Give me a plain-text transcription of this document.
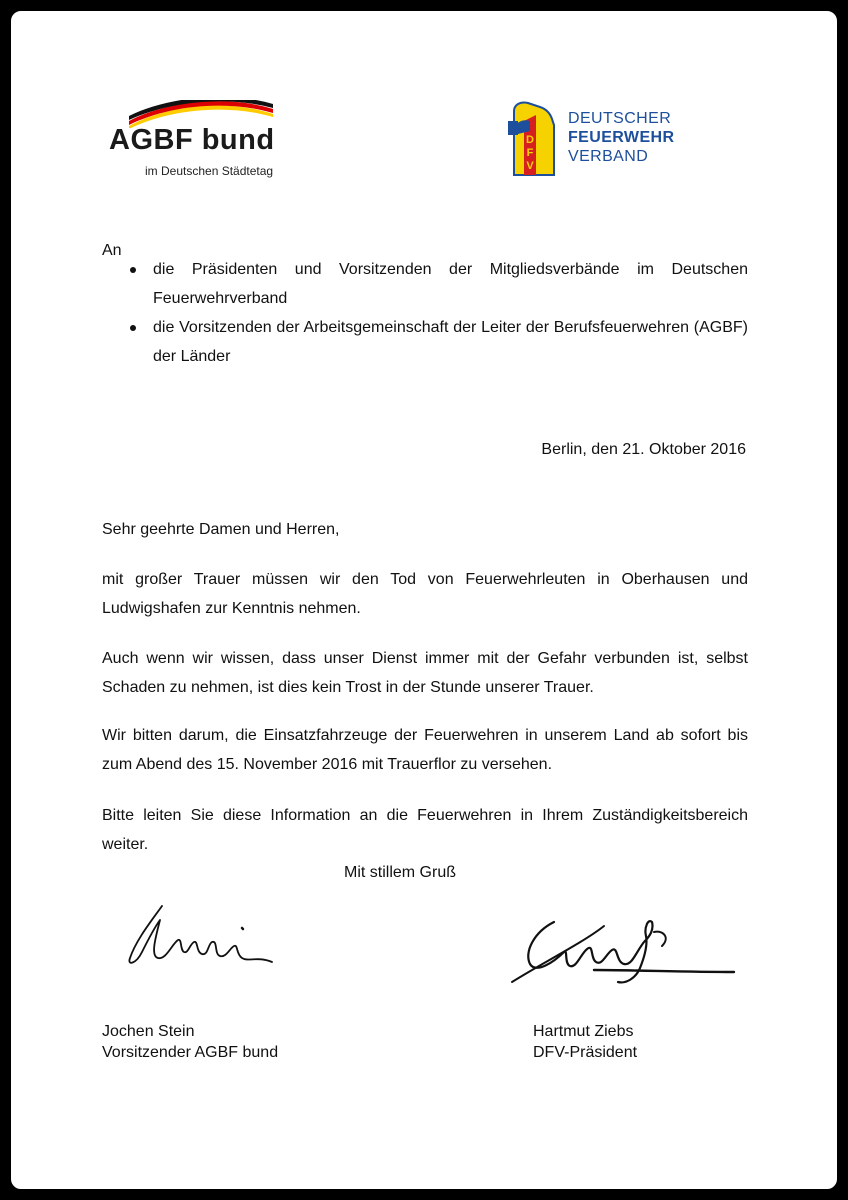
AGBF bund
im Deutschen Städtetag
D
F
V
DEUTSCHER
FEUERWEHR
VERBAND
An
die Präsidenten und Vorsitzenden der Mitgliedsverbände im Deutschen Feuerwehrverband
die Vorsitzenden der Arbeitsgemeinschaft der Leiter der Berufsfeuerwehren (AGBF) der Länder
Berlin, den 21. Oktober 2016
Sehr geehrte Damen und Herren,
mit großer Trauer müssen wir den Tod von Feuerwehrleuten in Oberhausen und Ludwigshafen zur Kenntnis nehmen.
Auch wenn wir wissen, dass unser Dienst immer mit der Gefahr verbunden ist, selbst Schaden zu nehmen, ist dies kein Trost in der Stunde unserer Trauer.
Wir bitten darum, die Einsatzfahrzeuge der Feuerwehren in unserem Land ab sofort bis zum Abend des 15. November 2016 mit Trauerflor zu versehen.
Bitte leiten Sie diese Information an die Feuerwehren in Ihrem Zuständigkeitsbereich weiter.
Mit stillem Gruß
Jochen Stein
Vorsitzender AGBF bund
Hartmut Ziebs
DFV-Präsident
